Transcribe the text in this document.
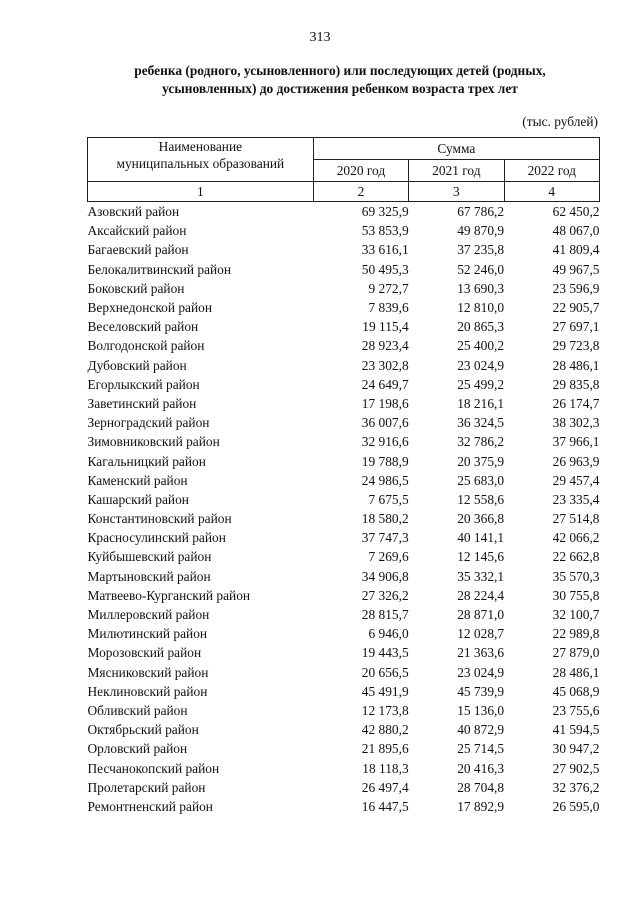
313
ребенка (родного, усыновленного) или последующих детей (родных,
усыновленных) до достижения ребенком возраста трех лет
(тыс. рублей)
Наименование
муниципальных образований	Сумма		
	2020 год	2021 год	2022 год
1	2	3	4
Азовский район	69 325,9	67 786,2	62 450,2
Аксайский район	53 853,9	49 870,9	48 067,0
Багаевский район	33 616,1	37 235,8	41 809,4
Белокалитвинский район	50 495,3	52 246,0	49 967,5
Боковский район	9 272,7	13 690,3	23 596,9
Верхнедонской район	7 839,6	12 810,0	22 905,7
Веселовский район	19 115,4	20 865,3	27 697,1
Волгодонской район	28 923,4	25 400,2	29 723,8
Дубовский район	23 302,8	23 024,9	28 486,1
Егорлыкский район	24 649,7	25 499,2	29 835,8
Заветинский район	17 198,6	18 216,1	26 174,7
Зерноградский район	36 007,6	36 324,5	38 302,3
Зимовниковский район	32 916,6	32 786,2	37 966,1
Кагальницкий район	19 788,9	20 375,9	26 963,9
Каменский район	24 986,5	25 683,0	29 457,4
Кашарский район	7 675,5	12 558,6	23 335,4
Константиновский район	18 580,2	20 366,8	27 514,8
Красносулинский район	37 747,3	40 141,1	42 066,2
Куйбышевский район	7 269,6	12 145,6	22 662,8
Мартыновский район	34 906,8	35 332,1	35 570,3
Матвеево-Курганский район	27 326,2	28 224,4	30 755,8
Миллеровский район	28 815,7	28 871,0	32 100,7
Милютинский район	6 946,0	12 028,7	22 989,8
Морозовский район	19 443,5	21 363,6	27 879,0
Мясниковский район	20 656,5	23 024,9	28 486,1
Неклиновский район	45 491,9	45 739,9	45 068,9
Обливский район	12 173,8	15 136,0	23 755,6
Октябрьский район	42 880,2	40 872,9	41 594,5
Орловский район	21 895,6	25 714,5	30 947,2
Песчанокопский район	18 118,3	20 416,3	27 902,5
Пролетарский район	26 497,4	28 704,8	32 376,2
Ремонтненский район	16 447,5	17 892,9	26 595,0
